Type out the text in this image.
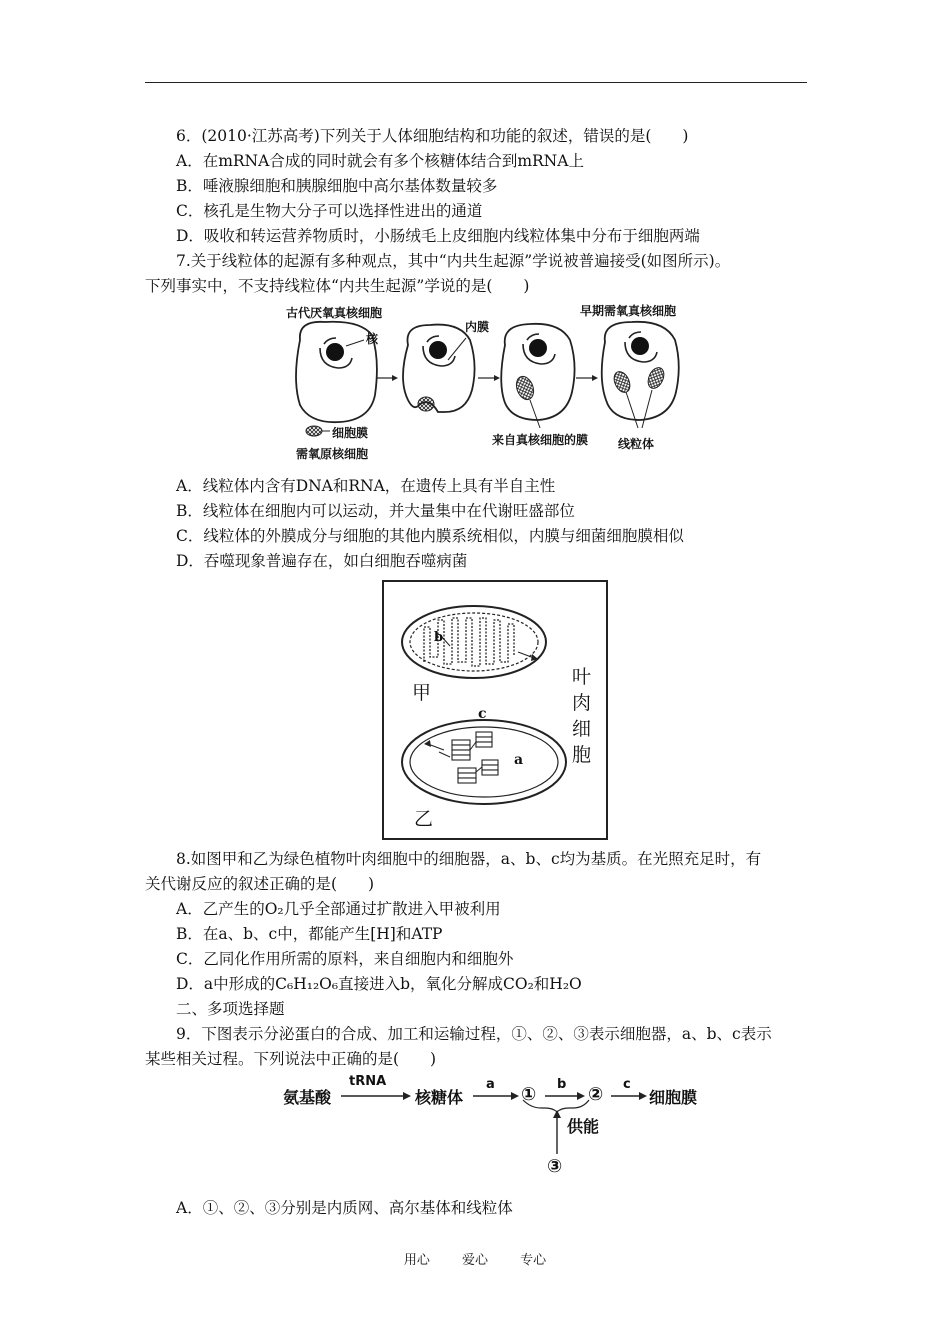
6．(2010·江苏高考)下列关于人体细胞结构和功能的叙述，错误的是(　　)
A．在mRNA合成的同时就会有多个核糖体结合到mRNA上
B．唾液腺细胞和胰腺细胞中高尔基体数量较多
C．核孔是生物大分子可以选择性进出的通道
D．吸收和转运营养物质时，小肠绒毛上皮细胞内线粒体集中分布于细胞两端
7.关于线粒体的起源有多种观点，其中“内共生起源”学说被普遍接受(如图所示)。
下列事实中，不支持线粒体“内共生起源”学说的是(　　)
古代厌氧真核细胞
核
内膜
早期需氧真核细胞
细胞膜
需氧原核细胞
来自真核细胞的膜 线粒体
A．线粒体内含有DNA和RNA，在遗传上具有半自主性
B．线粒体在细胞内可以运动，并大量集中在代谢旺盛部位
C．线粒体的外膜成分与细胞的其他内膜系统相似，内膜与细菌细胞膜相似
D．吞噬现象普遍存在，如白细胞吞噬病菌
b
甲
c
a
乙
叶
肉
细
胞
8.如图甲和乙为绿色植物叶肉细胞中的细胞器，a、b、c均为基质。在光照充足时，有
关代谢反应的叙述正确的是(　　)
A．乙产生的O₂几乎全部通过扩散进入甲被利用
B．在a、b、c中，都能产生[H]和ATP
C．乙同化作用所需的原料，来自细胞内和细胞外
D．a中形成的C₆H₁₂O₆直接进入b，氧化分解成CO₂和H₂O
二、多项选择题
9．下图表示分泌蛋白的合成、加工和运输过程，①、②、③表示细胞器，a、b、c表示
某些相关过程。下列说法中正确的是(　　)
氨基酸
tRNA
核糖体
a ① b ② c
细胞膜
供能
③
A．①、②、③分别是内质网、高尔基体和线粒体
用心 爱心 专心
